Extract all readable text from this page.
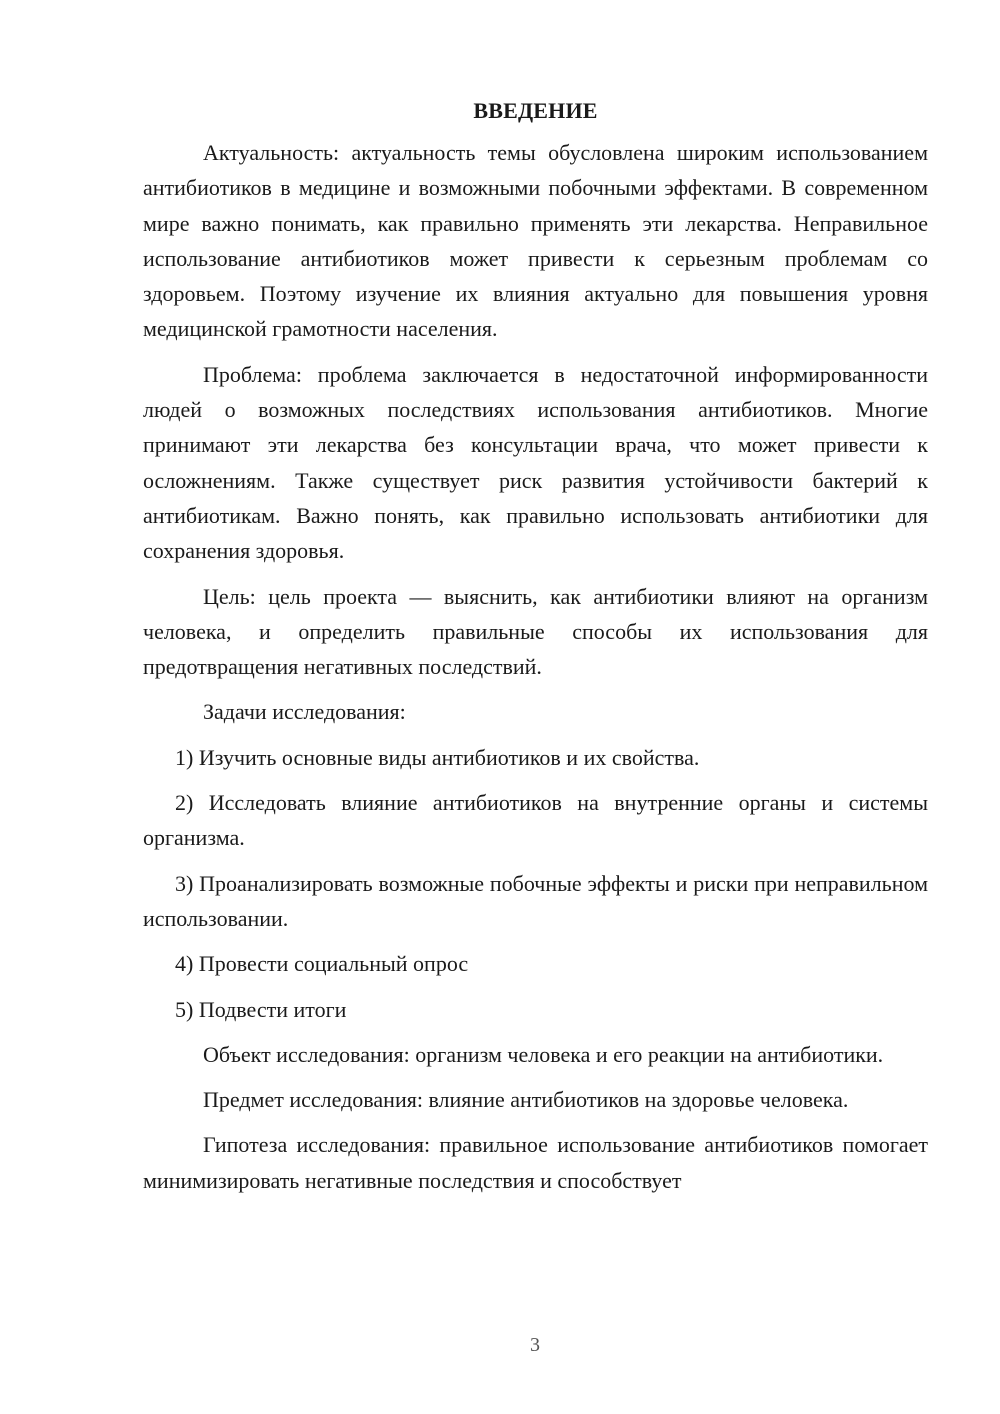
ВВЕДЕНИЕ
Актуальность: актуальность темы обусловлена широким использованием антибиотиков в медицине и возможными побочными эффектами. В современном мире важно понимать, как правильно применять эти лекарства. Неправильное использование антибиотиков может привести к серьезным проблемам со здоровьем. Поэтому изучение их влияния актуально для повышения уровня медицинской грамотности населения.
Проблема: проблема заключается в недостаточной информированности людей о возможных последствиях использования антибиотиков. Многие принимают эти лекарства без консультации врача, что может привести к осложнениям. Также существует риск развития устойчивости бактерий к антибиотикам. Важно понять, как правильно использовать антибиотики для сохранения здоровья.
Цель: цель проекта — выяснить, как антибиотики влияют на организм человека, и определить правильные способы их использования для предотвращения негативных последствий.
Задачи исследования:
1) Изучить основные виды антибиотиков и их свойства.
2) Исследовать влияние антибиотиков на внутренние органы и системы организма.
3) Проанализировать возможные побочные эффекты и риски при неправильном использовании.
4) Провести социальный опрос
5) Подвести итоги
Объект исследования: организм человека и его реакции на антибиотики.
Предмет исследования: влияние антибиотиков на здоровье человека.
Гипотеза исследования: правильное использование антибиотиков помогает минимизировать негативные последствия и способствует
3
